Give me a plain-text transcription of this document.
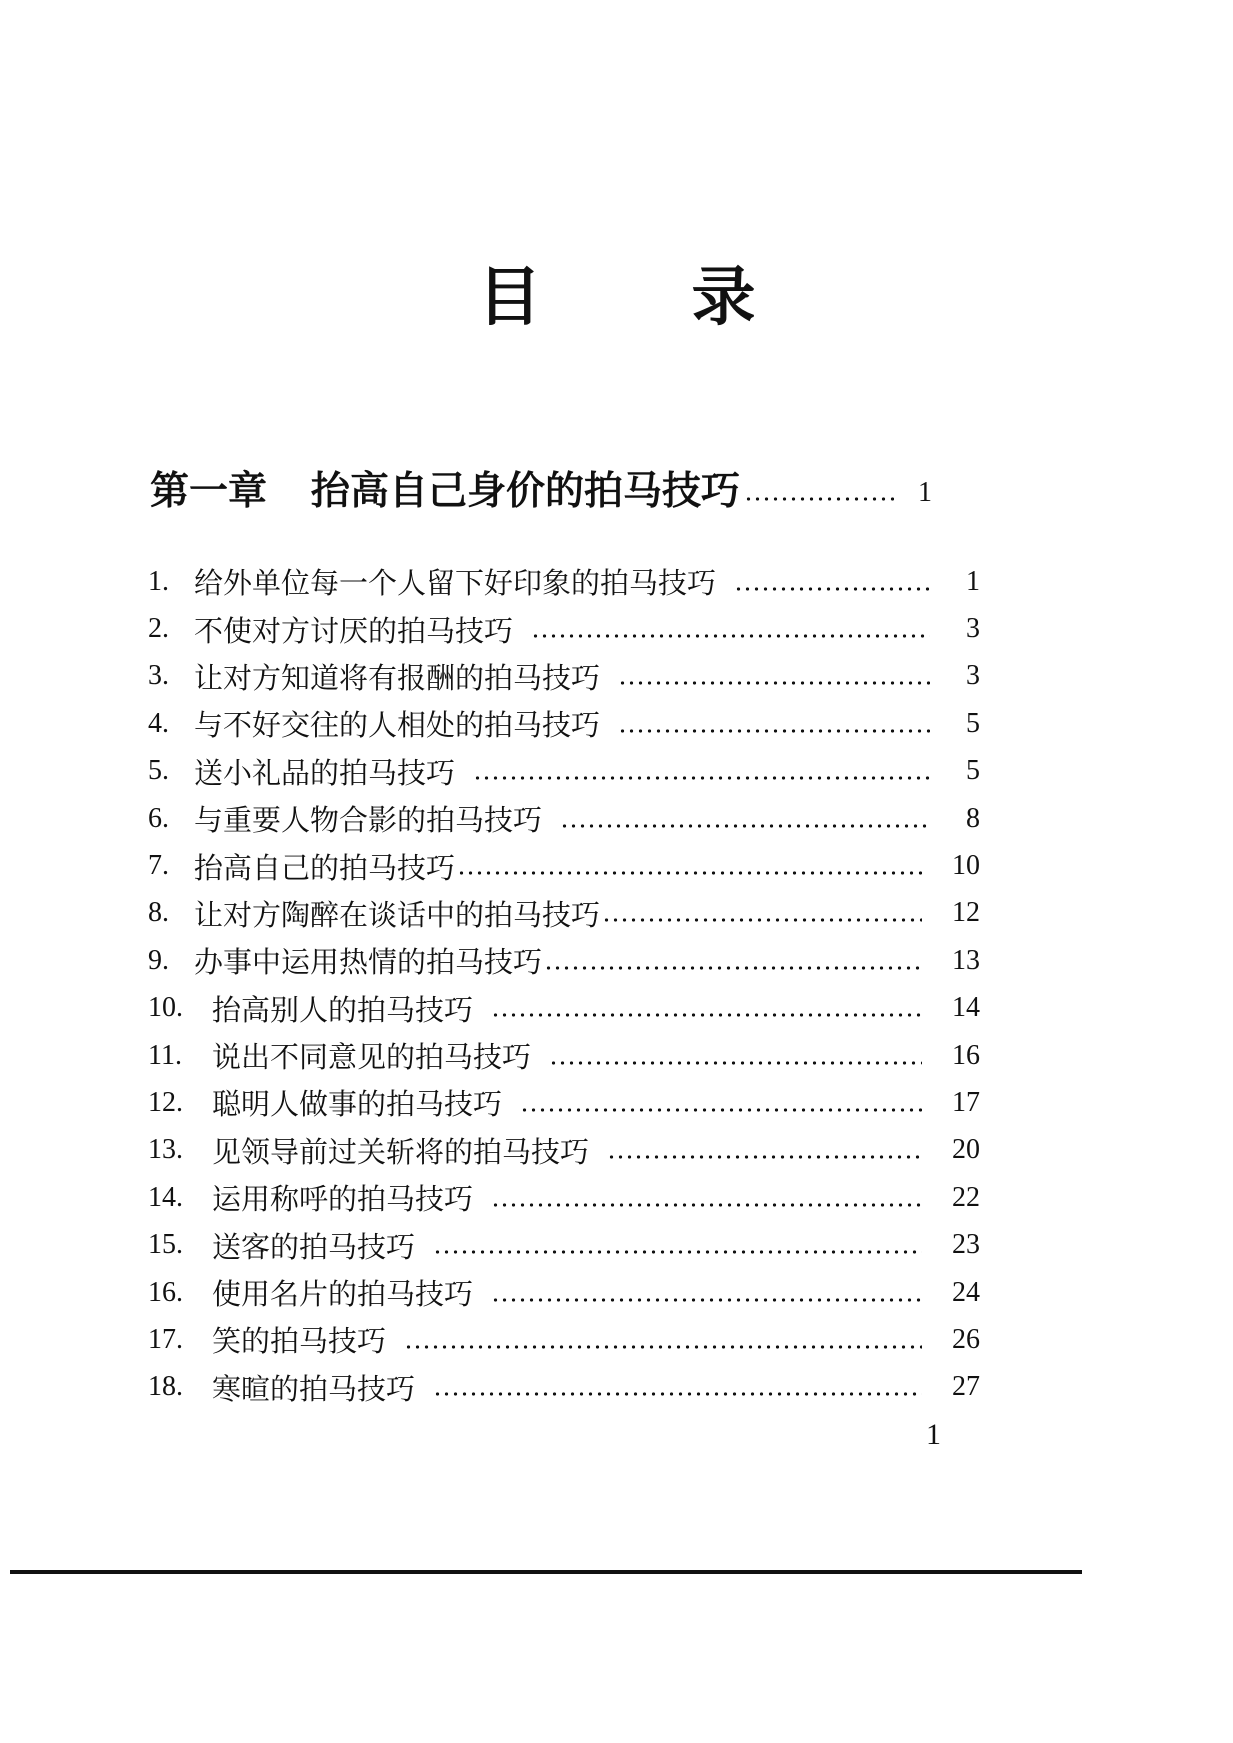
目 录
第一章 抬高自己身价的拍马技巧	1
1. 给外单位每一个人留下好印象的拍马技巧	1
2. 不使对方讨厌的拍马技巧	3
3. 让对方知道将有报酬的拍马技巧	3
4. 与不好交往的人相处的拍马技巧	5
5. 送小礼品的拍马技巧	5
6. 与重要人物合影的拍马技巧	8
7. 抬高自己的拍马技巧	10
8. 让对方陶醉在谈话中的拍马技巧	12
9. 办事中运用热情的拍马技巧	13
10.	抬高别人的拍马技巧	14
11.	说出不同意见的拍马技巧	16
12.	聪明人做事的拍马技巧	17
13.	见领导前过关斩将的拍马技巧	20
14.	运用称呼的拍马技巧	22
15.	送客的拍马技巧	23
16.	使用名片的拍马技巧	24
17.	笑的拍马技巧	26
18.	寒暄的拍马技巧	27
1
